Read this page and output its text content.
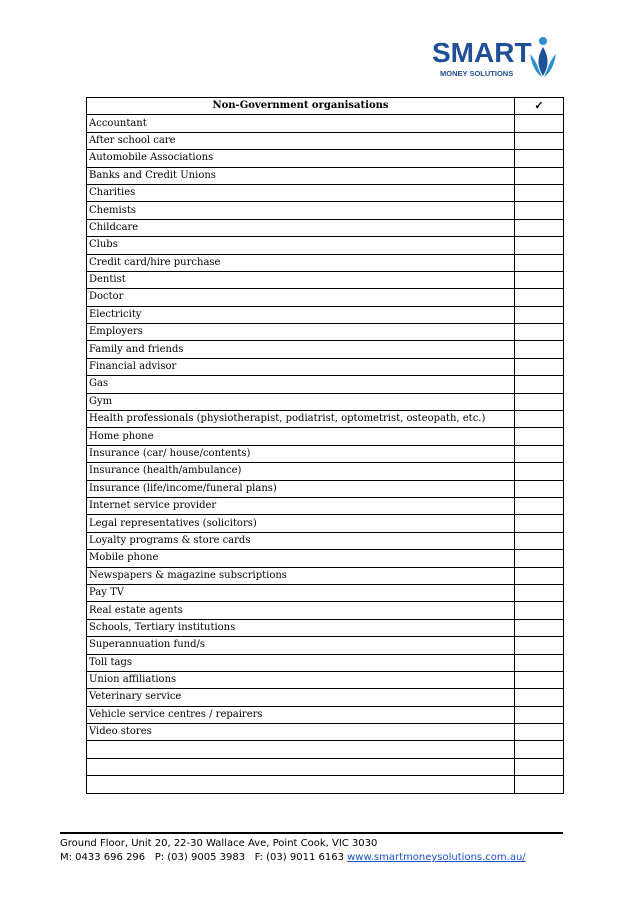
SMART
MONEY SOLUTIONS
Non-Government organisations	✓
Accountant	
After school care	
Automobile Associations	
Banks and Credit Unions	
Charities	
Chemists	
Childcare	
Clubs	
Credit card/hire purchase	
Dentist	
Doctor	
Electricity	
Employers	
Family and friends	
Financial advisor	
Gas	
Gym	
Health professionals (physiotherapist, podiatrist, optometrist, osteopath, etc.)	
Home phone	
Insurance (car/ house/contents)	
Insurance (health/ambulance)	
Insurance (life/income/funeral plans)	
Internet service provider	
Legal representatives (solicitors)	
Loyalty programs & store cards	
Mobile phone	
Newspapers & magazine subscriptions	
Pay TV	
Real estate agents	
Schools, Tertiary institutions	
Superannuation fund/s	
Toll tags	
Union affiliations	
Veterinary service	
Vehicle service centres / repairers	
Video stores	

Ground Floor, Unit 20, 22-30 Wallace Ave, Point Cook, VIC 3030
M: 0433 696 296 P: (03) 9005 3983 F: (03) 9011 6163 www.smartmoneysolutions.com.au/
